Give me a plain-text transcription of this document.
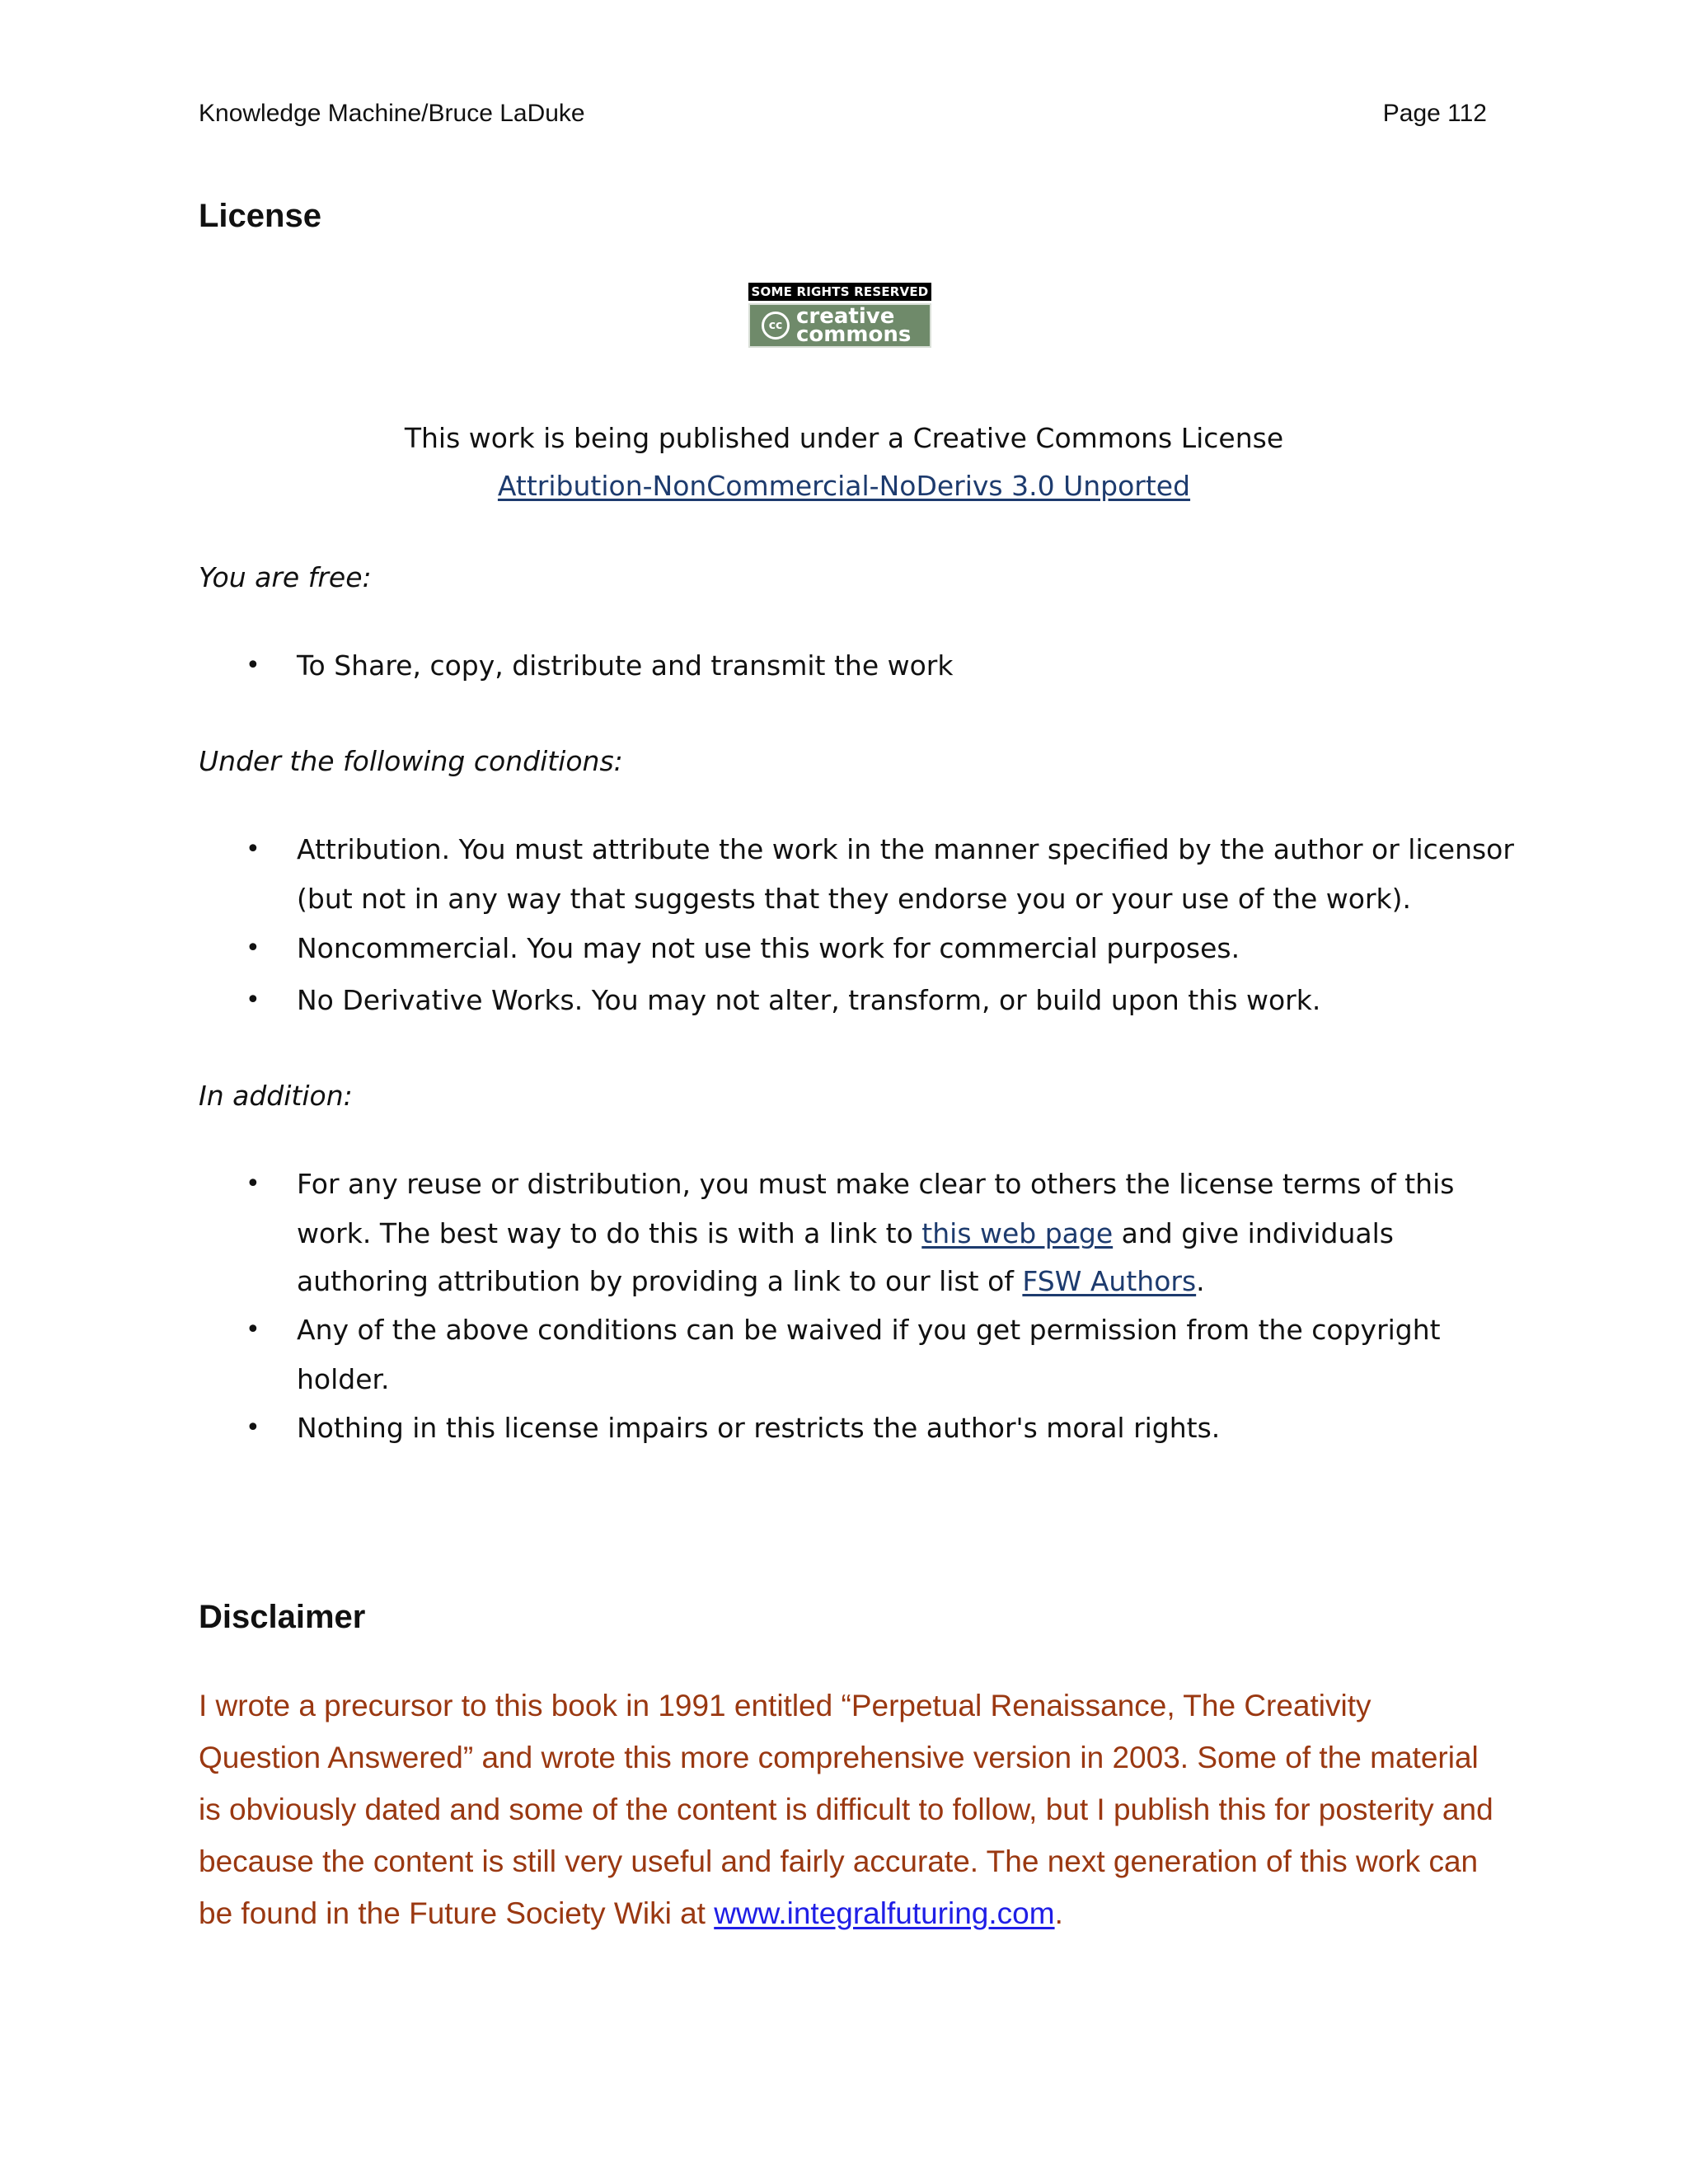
Knowledge Machine/Bruce LaDuke	Page 112
License
SOME RIGHTS RESERVED
cc creative
commons
This work is being published under a Creative Commons License
Attribution-NonCommercial-NoDerivs 3.0 Unported
You are free:
• To Share, copy, distribute and transmit the work
Under the following conditions:
• Attribution. You must attribute the work in the manner specified by the author or licensor
(but not in any way that suggests that they endorse you or your use of the work).
• Noncommercial. You may not use this work for commercial purposes.
• No Derivative Works. You may not alter, transform, or build upon this work.
In addition:
• For any reuse or distribution, you must make clear to others the license terms of this
work. The best way to do this is with a link to this web page and give individuals
authoring attribution by providing a link to our list of FSW Authors.
• Any of the above conditions can be waived if you get permission from the copyright
holder.
• Nothing in this license impairs or restricts the author's moral rights.
Disclaimer
I wrote a precursor to this book in 1991 entitled “Perpetual Renaissance, The Creativity
Question Answered” and wrote this more comprehensive version in 2003. Some of the material
is obviously dated and some of the content is difficult to follow, but I publish this for posterity and
because the content is still very useful and fairly accurate. The next generation of this work can
be found in the Future Society Wiki at www.integralfuturing.com.
